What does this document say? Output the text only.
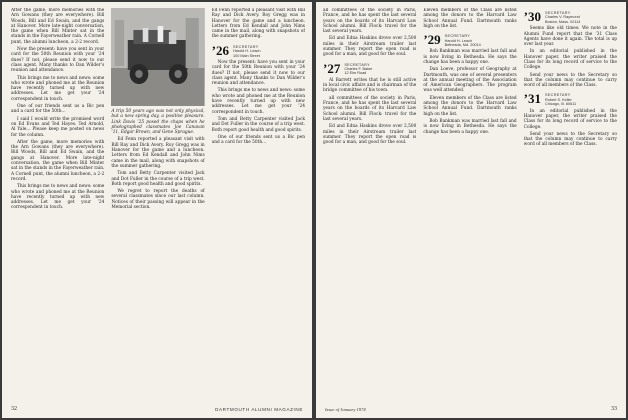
After the game, more memories with the Arn Gowans (they are everywhere). Bill Woods, Bill and Ed Swain, and the gangs at Hanover. More late-night conversation, the game when Bill Minter sat in the stands in the Fayerweather rain. A Cornell punt, the alumni luncheon, a 2-2 record.

Now the present: have you sent in your card for the 50th Reunion with your ’24 dues? If not, please send it now to our class agent. Many thanks to Dan Wilder’s reunion and attendance.

This brings me to news and news: some who wrote and phoned me at the Reunion have recently turned up with new addresses. Let me get your ’24 correspondent in touch.

One of our friends sent us a Bic pen and a card for the 50th...

I said I would write the promised word on Ed Evans and Ted Hayes. Ted Arnold, Al Yale... Please keep me posted on news for the column.

After the game, more memories with the Arn Gowans (they are everywhere). Bill Woods, Bill and Ed Swain, and the gangs at Hanover. More late-night conversation, the game when Bill Minter sat in the stands in the Fayerweather rain. A Cornell punt, the alumni luncheon, a 2-2 record.

This brings me to news and news: some who wrote and phoned me at the Reunion have recently turned up with new addresses. Let me get your ’24 correspondent in touch.

A trip 50 years ago was not only physical, but a new spring day, a positive pleasure. Link Davis ’25 posed the chaps when he photographed classmates Joe Canavan ’11, Edgar Brown, and Gene Sprague.

Ed Fenn reported a pleasant visit with Bill Ray and Dick Avery. Roy Gregg was in Hanover for the game and a luncheon. Letters from Ed Kendall and John Nims came in the mail, along with snapshots of the summer gathering.

Tom and Betty Carpenter visited Jack and Dot Fuller in the course of a trip west. Both report good health and good spirits.

We regret to report the deaths of several classmates since our last column. Notices of their passing will appear in the Memorial section.

Ed Fenn reported a pleasant visit with Bill Ray and Dick Avery. Roy Gregg was in Hanover for the game and a luncheon. Letters from Ed Kendall and John Nims came in the mail, along with snapshots of the summer gathering.

’26 SECRETARY
Harold H. Leach
100 Main Street

Now the present: have you sent in your card for the 50th Reunion with your ’24 dues? If not, please send it now to our class agent. Many thanks to Dan Wilder’s reunion and attendance.

This brings me to news and news: some who wrote and phoned me at the Reunion have recently turned up with new addresses. Let me get your ’24 correspondent in touch.

Tom and Betty Carpenter visited Jack and Dot Fuller in the course of a trip west. Both report good health and good spirits.

One of our friends sent us a Bic pen and a card for the 50th...

32	DARTMOUTH ALUMNI MAGAZINE

all committees of the society in Paris, France, and he has spent the last several years on the boards of its Harvard Law School alumni. Bill Flock: travel for the last several years.

Ed and Edna Haskins drove over 2,500 miles in their Airstream trailer last summer. They report the open road is good for a man, and good for the soul.

’27 SECRETARY
Charles F. Baker
12 Elm Road

Al Barrett writes that he is still active in local civic affairs and is chairman of the bridge committee of his town.

all committees of the society in Paris, France, and he has spent the last several years on the boards of its Harvard Law School alumni. Bill Flock: travel for the last several years.

Ed and Edna Haskins drove over 2,500 miles in their Airstream trailer last summer. They report the open road is good for a man, and good for the soul.

Eleven members of the Class are listed among the donors to the Harvard Law School Annual Fund. Dartmouth ranks high on the list.

’29 SECRETARY
Harold H. Leach
Bethesda, Md. 20014

Bob Bankman was married last fall and is now living in Bethesda. He says the change has been a happy one.

Dan Loeve, professor of Geography at Dartmouth, was one of several presenters at the annual meeting of the Association of American Geographers. The program was well attended.

Eleven members of the Class are listed among the donors to the Harvard Law School Annual Fund. Dartmouth ranks high on the list.

Bob Bankman was married last fall and is now living in Bethesda. He says the change has been a happy one.

’30 SECRETARY
Charles V. Raymond
Boston, Mass. 02114

Seems like old times: We note in the Alumni Fund report that the ’31 Class Agents have done it again. The total is up over last year.

In an editorial published in the Hanover paper, the writer praised the Class for its long record of service to the College.

Send your news to the Secretary so that the column may continue to carry word of all members of the Class.

’31 SECRETARY
Robert S. Keller
Chicago, Ill. 60611

In an editorial published in the Hanover paper, the writer praised the Class for its long record of service to the College.

Send your news to the Secretary so that the column may continue to carry word of all members of the Class.

Issue of January 1974	33
